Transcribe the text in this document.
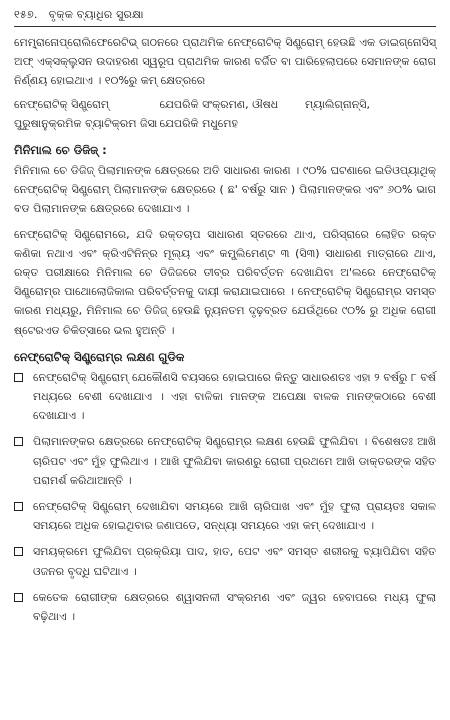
୧୫୭. ବୃକ୍କ ବ୍ୟାଧିର ସୁରକ୍ଷା

ମେମ୍ବ୍ରାନୋପ୍ରୋଲିଫେରେଟିଭ୍ ଗଠନରେ ପ୍ରାଥମିକ ନେଫ୍ରୋଟିକ୍ ସିଣ୍ଡ୍ରୋମ୍ ହେଉଛି ଏକ ଡାଇଗ୍ନୋସିସ୍ ଅଫ୍ ଏକ୍ସକ୍ଲୁସନ ଉଦାହରଣ ସ୍ୱରୂପ ପ୍ରାଥମିକ କାରଣ ବର୍ଜିତ ବା ପାରିହେଲାପରେ ସେମାନଙ୍କ ରୋଗ ନିର୍ଣ୍ଣୟ ହୋଇଥାଏ । ୧୦%ରୁ କମ୍ କ୍ଷେତ୍ରରେ

ନେଫ୍ରୋଟିକ୍ ସିଣ୍ଡ୍ରୋମ୍	ଯେପରିକି ସଂକ୍ରମଣ, ଔଷଧ	ମ୍ୟାଲିଗ୍ନାନ୍ସି,
ପୁରୁଷାନୁକ୍ରମିକ ବ୍ୟାଟିକ୍ରମ ଜିସା ଯେପରିକି ମଧୁମେହ
ମିନିମାଲ ଚେ ଡିଜିଜ୍ :

ମିନିମାଲ ଚେ ଡିଜିଜ୍ ପିଲାମାନଙ୍କ କ୍ଷେତ୍ରରେ ଅତି ସାଧାରଣ କାରଣ । ୯୦% ଘଟଣାରେ ଇଡିଓପ୍ୟାଥିକ୍ ନେଫ୍ରୋଟିକ୍ ସିଣ୍ଡ୍ରୋମ୍ ପିଲାମାନଙ୍କ କ୍ଷେତ୍ରରେ ( ଛ' ବର୍ଷରୁ ସାନ ) ପିଲାମାନଙ୍କର ଏବଂ ୬୦% ଭାଗ ବଡ ପିଲାମାନଙ୍କ କ୍ଷେତ୍ରରେ ଦେଖାଯାଏ ।

ନେଫ୍ରୋଟିକ୍ ସିଣ୍ଡ୍ରୋମରେ, ଯଦି ରକ୍ତଚାପ ସାଧାରଣ ସ୍ତରରେ ଥାଏ, ପରିସ୍ରାରେ ଲୋହିତ ରକ୍ତ କଣିକା ନଥାଏ ଏବଂ କ୍ରିଏଟିନିନ୍‌ର ମୂଲ୍ୟ ଏବଂ କମ୍ପ୍ଲିମେଣ୍ଟ ୩ (ସି୩) ସାଧାରଣ ମାତ୍ରାରେ ଥାଏ, ରକ୍ତ ପରୀକ୍ଷାରେ ମିନିମାଲ ଚେ ଡିଜିଜରେ ତୀବ୍ର ପରିବର୍ତ୍ତନ ଦେଖାଯିବା ଅ'ଲରେ ନେଫ୍ରୋଟିକ୍ ସିଣ୍ଡ୍ରୋମ୍‌ର ପାଥୋଲୋଜିକାଲ ପରିବର୍ତ୍ତନକୁ ଦାୟୀ କରାଯାଇପାରେ । ନେଫ୍ରୋଟିକ୍ ସିଣ୍ଡ୍ରୋମ୍‌ର ସମସ୍ତ କାରଣ ମଧ୍ୟରୁ, ମିନିମାଲ ଚେ ଡିଜିଜ୍ ହେଉଛି ନ୍ୟୁନତମ ଦୃଢ଼ବ୍ରତ ଯେଉଁଥିରେ ୯୦% ରୁ ଅଧିକ ରୋଗୀ ଷ୍ଟେରଏଡ ଚିକିତ୍ସାରେ ଭଲ ହୁଅନ୍ତି ।

ନେଫ୍ରୋଟିକ୍ ସିଣ୍ଡ୍ରୋମ୍‌ର ଲକ୍ଷଣ ଗୁଡିକ
ନେଫ୍ରୋଟିକ୍ ସିଣ୍ଡ୍ରୋମ୍ ଯେକୌଣସି ବୟସରେ ହୋଇପାରେ କିନ୍ତୁ ସାଧାରଣତଃ ଏହା ୨ ବର୍ଷରୁ ୮ ବର୍ଷ ମଧ୍ୟରେ ବେଶୀ ଦେଖାଯାଏ । ଏହା ବାଳିକା ମାନଙ୍କ ଅପେକ୍ଷା ବାଳକ ମାନଙ୍କଠାରେ ବେଶୀ ଦେଖାଯାଏ ।
ପିଲାମାନଙ୍କର କ୍ଷେତ୍ରରେ ନେଫ୍ରୋଟିକ୍ ସିଣ୍ଡ୍ରୋମ୍‌ର ଲକ୍ଷଣ ହେଉଛି ଫୁଲିଯିବା । ବିଶେଷତଃ ଆଖି ଚାରିପଟ ଏବଂ ମୁଁହ ଫୁଲିଥାଏ । ଆଖି ଫୁଲିଯିବା କାରଣରୁ ରୋଗୀ ପ୍ରଥମେ ଆଖି ଡାକ୍ତରଙ୍କ ସହିତ ପରାମର୍ଶ କରିଥାଆନ୍ତି ।
ନେଫ୍ରୋଟିକ୍ ସିଣ୍ଡ୍ରୋମ୍ ଦେଖାଯିବା ସମୟରେ ଆଖି ଚାରିପାଖ ଏବଂ ମୁଁହ ଫୁଲା ପ୍ରାୟତଃ ସକାଳ ସମୟରେ ଅଧିକ ହୋଇଥିବାର ଜଣାପଡେ, ସନ୍ଧ୍ୟା ସମୟରେ ଏହା କମ୍ ଦେଖାଯାଏ ।
ସମୟକ୍ରମେ ଫୁଲିଯିବା ପ୍ରକ୍ରିୟା ପାଦ, ହାତ, ପେଟ ଏବଂ ସମସ୍ତ ଶରୀରକୁ ବ୍ୟାପିଯିବା ସହିତ ଓଜନର ବୃଦ୍ଧି ଘଟିଥାଏ ।
କେତେକ ରୋଗୀଙ୍କ କ୍ଷେତ୍ରରେ ଶ୍ୱାସନଳୀ ସଂକ୍ରମଣ ଏବଂ ଜ୍ୱର ହେବାପରେ ମଧ୍ୟ ଫୁଲା ବଢ଼ିଥାଏ ।
